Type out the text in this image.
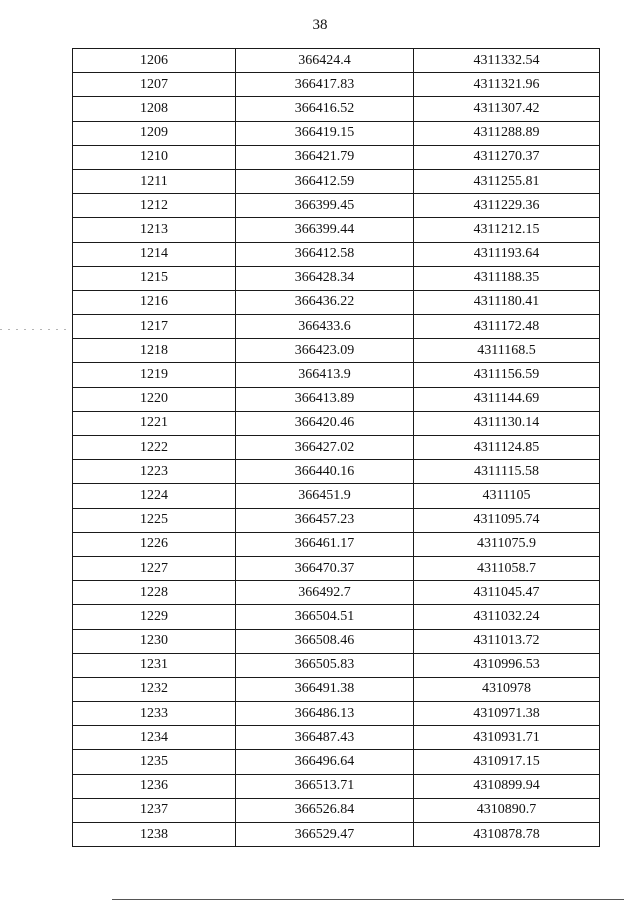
38
1206	366424.4	4311332.54
1207	366417.83	4311321.96
1208	366416.52	4311307.42
1209	366419.15	4311288.89
1210	366421.79	4311270.37
1211	366412.59	4311255.81
1212	366399.45	4311229.36
1213	366399.44	4311212.15
1214	366412.58	4311193.64
1215	366428.34	4311188.35
1216	366436.22	4311180.41
1217	366433.6	4311172.48
1218	366423.09	4311168.5
1219	366413.9	4311156.59
1220	366413.89	4311144.69
1221	366420.46	4311130.14
1222	366427.02	4311124.85
1223	366440.16	4311115.58
1224	366451.9	4311105
1225	366457.23	4311095.74
1226	366461.17	4311075.9
1227	366470.37	4311058.7
1228	366492.7	4311045.47
1229	366504.51	4311032.24
1230	366508.46	4311013.72
1231	366505.83	4310996.53
1232	366491.38	4310978
1233	366486.13	4310971.38
1234	366487.43	4310931.71
1235	366496.64	4310917.15
1236	366513.71	4310899.94
1237	366526.84	4310890.7
1238	366529.47	4310878.78
